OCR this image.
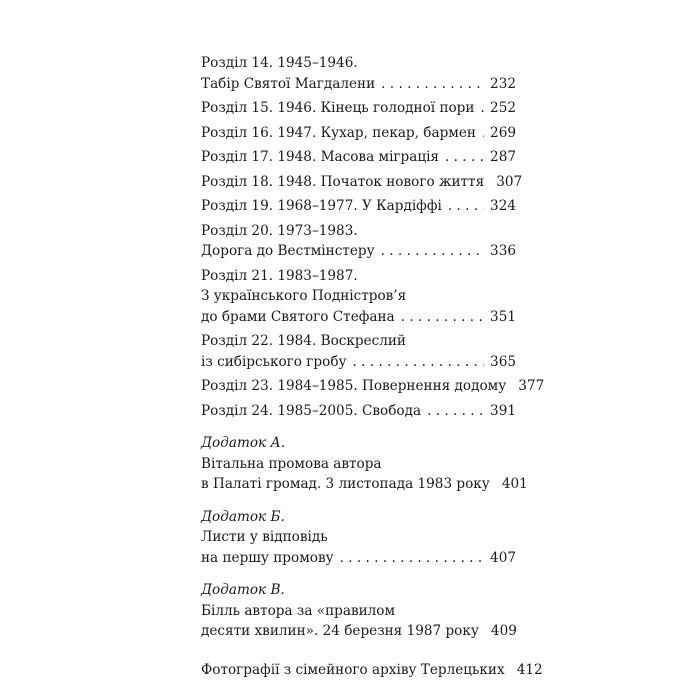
Розділ 14. 1945–1946.
Табір Святої Магдалени . . .	232
Розділ 15. 1946. Кінець голодної пори . . . 252
Розділ 16. 1947. Кухар, пекар, бармен . . . 269
Розділ 17. 1948. Масова міграція . . .	287
Розділ 18. 1948. Початок нового життя 307
Розділ 19. 1968–1977. У Кардіффі . . .	324
Розділ 20. 1973–1983.
Дорога до Вестмінстеру . . .	336
Розділ 21. 1983–1987.
З українського Подністров’я
до брами Святого Стефана . . .	351
Розділ 22. 1984. Воскреслий
із сибірського гробу . . .	365
Розділ 23. 1984–1985. Повернення додому 377
Розділ 24. 1985–2005. Свобода . . .	391
Додаток А.
Вітальна промова автора
в Палаті громад. 3 листопада 1983 року 401
Додаток Б.
Листи у відповідь
на першу промову . . .	407
Додаток В.
Білль автора за «правилом
десяти хвилин». 24 березня 1987 року 409
Фотографії з сімейного архіву Терлецьких 412
